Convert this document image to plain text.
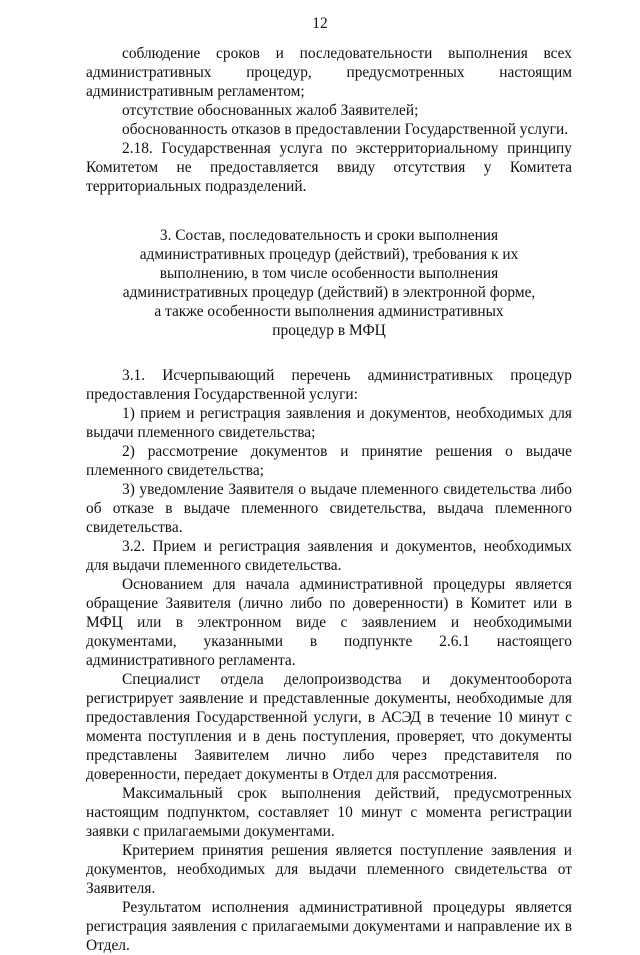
12

соблюдение сроков и последовательности выполнения всех административных процедур, предусмотренных настоящим административным регламентом;

отсутствие обоснованных жалоб Заявителей;

обоснованность отказов в предоставлении Государственной услуги.

2.18. Государственная услуга по экстерриториальному принципу Комитетом не предоставляется ввиду отсутствия у Комитета территориальных подразделений.

3. Состав, последовательность и сроки выполнения

административных процедур (действий), требования к их

выполнению, в том числе особенности выполнения

административных процедур (действий) в электронной форме,

а также особенности выполнения административных

процедур в МФЦ

3.1. Исчерпывающий перечень административных процедур предоставления Государственной услуги:

1) прием и регистрация заявления и документов, необходимых для выдачи племенного свидетельства;

2) рассмотрение документов и принятие решения о выдаче племенного свидетельства;

3) уведомление Заявителя о выдаче племенного свидетельства либо об отказе в выдаче племенного свидетельства, выдача племенного свидетельства.

3.2. Прием и регистрация заявления и документов, необходимых для выдачи племенного свидетельства.

Основанием для начала административной процедуры является обращение Заявителя (лично либо по доверенности) в Комитет или в МФЦ или в электронном виде с заявлением и необходимыми документами, указанными в подпункте 2.6.1 настоящего административного регламента.

Специалист отдела делопроизводства и документооборота регистрирует заявление и представленные документы, необходимые для предоставления Государственной услуги, в АСЭД в течение 10 минут с момента поступления и в день поступления, проверяет, что документы представлены Заявителем лично либо через представителя по доверенности, передает документы в Отдел для рассмотрения.

Максимальный срок выполнения действий, предусмотренных настоящим подпунктом, составляет 10 минут с момента регистрации заявки с прилагаемыми документами.

Критерием принятия решения является поступление заявления и документов, необходимых для выдачи племенного свидетельства от Заявителя.

Результатом исполнения административной процедуры является регистрация заявления с прилагаемыми документами и направление их в Отдел.
